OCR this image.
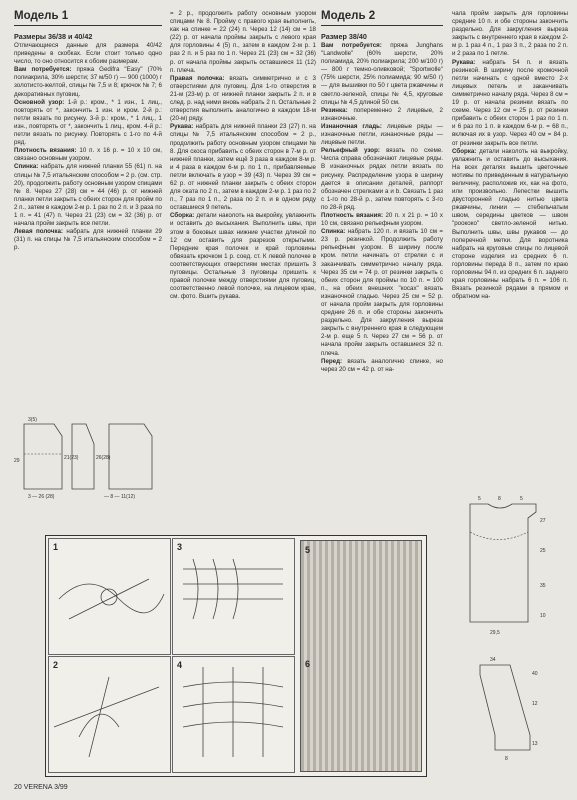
Модель 1
Размеры 36/38 и 40/42

Отличающиеся данные для размера 40/42 приведены в скобках. Если стоит только одно число, то оно относится к обоим размерам.

Вам потребуется: пряжа Gedifra "Easy" (70% полиакрила, 30% шерсти; 37 м/50 г) — 900 (1000) г золотисто-желтой, спицы № 7,5 и 8; крючок № 7; 6 декоративных пуговиц.

Основной узор: 1-й р.: кром., * 1 изн., 1 лиц., повторять от *, закончить 1 изн. и кром. 2-й р.: петли вязать по рисунку. 3-й р.: кром., * 1 лиц., 1 изн., повторять от *, закончить 1 лиц., кром. 4-й р.: петли вязать по рисунку. Повторять с 1-го по 4-й ряд.

Плотность вязания: 10 п. х 16 р. = 10 х 10 см, связано основным узором.

Спинка: набрать для нижней планки 55 (61) п. на спицы № 7,5 итальянским способом = 2 р. (см. стр. 20), продолжить работу основным узором спицами № 8. Через 27 (28) см = 44 (46) р. от нижней планки петли закрыть с обеих сторон для пройм по 2 п., затем в каждом 2-м р. 1 раз по 2 п. и 3 раза по 1 п. = 41 (47) п. Через 21 (23) см = 32 (36) р. от начала пройм закрыть все петли.

Левая полочка: набрать для нижней планки 29 (31) п. на спицы № 7,5 итальянским способом = 2 р.

3(5)
29	21(23)	26(28)
3 — 26 (28)	— 8 — 11(12)

= 2 р., продолжить работу основным узором спицами № 8. Пройму с правого края выполнить, как на спинке = 22 (24) п. Через 12 (14) см = 18 (22) р. от начала проймы закрыть с левого края для горловины 4 (5) п., затем в каждом 2-м р. 1 раз 2 п. и 5 раз по 1 п. Через 21 (23) см = 32 (36) р. от начала проймы закрыть оставшиеся 11 (12) п. плеча.

Правая полочка: вязать симметрично и с 3 отверстиями для пуговиц. Для 1-го отверстия в 21-м (23-м) р. от нижней планки закрыть 2 п. и в след. р. над ними вновь набрать 2 п. Остальные 2 отверстия выполнить аналогично в каждом 18-м (20-м) ряду.

Рукава: набрать для нижней планки 23 (27) п. на спицы № 7,5 итальянским способом = 2 р., продолжить работу основным узором спицами № 8. Для скоса прибавить с обеих сторон в 7-м р. от нижней планки, затем ещё 3 раза в каждом 8-м р. и 4 раза в каждом 6-м р. по 1 п., прибавляемые петли включать в узор = 39 (43) п. Через 39 см = 62 р. от нижней планки закрыть с обеих сторон для оката по 2 п., затем в каждом 2-м р. 1 раз по 2 п., 7 раз по 1 п., 2 раза по 2 п. и в одном ряду оставшиеся 9 петель.

Сборка: детали наколоть на выкройку, увлажнить и оставить до высыхания. Выполнить швы, при этом в боковых швах нижние участки длиной по 12 см оставить для разрезов открытыми. Передние края полочек и край горловины обвязать крючком 1 р. соед. ст. К левой полочке в соответствующих отверстиям местах пришить 3 пуговицы. Остальные 3 пуговицы пришить к правой полочке между отверстиями для пуговиц, соответственно левой полочке, на лицевом крае, см. фото. Вшить рукава.

Модель 2
Размер 38/40

Вам потребуется: пряжа Junghans "Landwolle" (60% шерсти, 20% полиамида, 20% полиакрила; 200 м/100 г) — 800 г темно-оливковой; "Sportwolle" (75% шерсти, 25% полиамида; 90 м/50 г) — для вышивки по 50 г цвета ржавчины и светло-зеленой, спицы № 4,5, круговые спицы № 4,5 длиной 50 см.

Резинка: попеременно 2 лицевые, 2 изнаночные.

Изнаночная гладь: лицевые ряды — изнаночные петли, изнаночные ряды — лицевые петли.

Рельефный узор: вязать по схеме. Числа справа обозначают лицевые ряды. В изнаночных рядах петли вязать по рисунку. Распределение узора в ширину дается в описании деталей, раппорт обозначен стрелками a и b. Связать 1 раз с 1-го по 28-й р., затем повторять с 3-го по 28-й ряд.

Плотность вязания: 20 п. х 21 р. = 10 х 10 см, связано рельефным узором.

Спинка: набрать 120 п. и вязать 10 см = 23 р. резинкой. Продолжить работу рельефным узором. В ширину после кром. петли начинать от стрелки с и заканчивать симметрично началу ряда. Через 35 см = 74 р. от резинки закрыть с обеих сторон для проймы по 10 п. = 100 п., на обеих внешних "косах" вязать изнаночной гладью. Через 25 см = 52 р. от начала пройм закрыть для горловины средние 26 п. и обе стороны закончить раздельно. Для закругления выреза закрыть с внутреннего края в следующем 2-м р. еще 5 п. Через 27 см = 56 р. от начала пройм закрыть оставшиеся 32 п. плеча.

Перед: вязать аналогично спинке, но через 20 см = 42 р. от на-

чала пройм закрыть для горловины средние 10 п. и обе стороны закончить раздельно. Для закругления выреза закрыть с внутреннего края в каждом 2-м р. 1 раз 4 п., 1 раз 3 п., 2 раза по 2 п. и 2 раза по 1 петле.

Рукава: набрать 54 п. и вязать резинкой. В ширину после кромочной петли начинать с одной вместо 2-х лицевых петель и заканчивать симметрично началу ряда. Через 8 см = 19 р. от начала резинки вязать по схеме. Через 12 см = 25 р. от резинки прибавить с обеих сторон 1 раз по 1 п. и 6 раз по 1 п. в каждом 6-м р. = 68 п., включая их в узор. Через 40 см = 84 р. от резинки закрыть все петли.

Сборка: детали наколоть на выкройку, увлажнить и оставить до высыхания. На всех деталях вышить цветочные мотивы по приведенным в натуральную величину, расположив их, как на фото, или произвольно. Лепестки вышить двусторонней гладью нитью цвета ржавчины, линии — стебельчатым швом, середины цветков — швом "роококо" светло-зеленой нитью. Выполнить швы, швы рукавов — до поперечной метки. Для воротника набрать на круговые спицы по лицевой стороне изделия из средних 6 п. горловины переда 8 п., затем по краю горловины 94 п. из средних 6 п. заднего края горловины набрать 6 п. = 106 п. Вязать резинкой рядами в прямом и обратном на-

5	8	5
27
25
35
10
29,5
40
12
13
34
8
1	3
2	4
5
6
20 VERENA 3/99
